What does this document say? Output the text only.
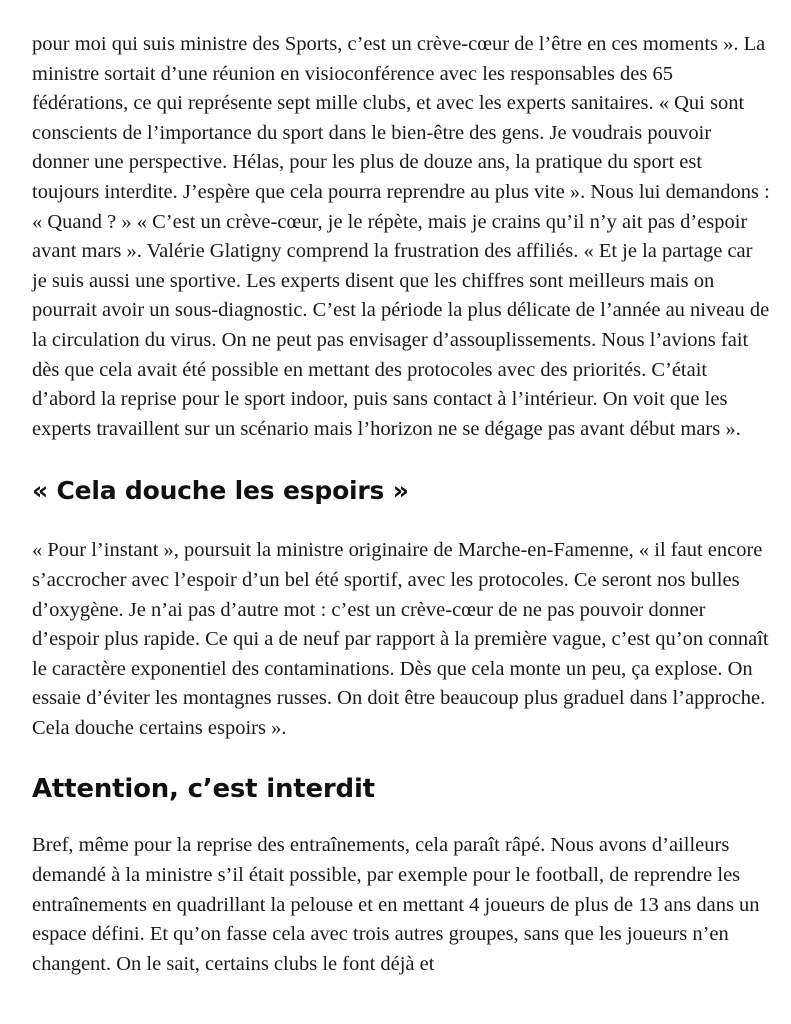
pour moi qui suis ministre des Sports, c’est un crève-cœur de l’être en ces moments ». La ministre sortait d’une réunion en visioconférence avec les responsables des 65 fédérations, ce qui représente sept mille clubs, et avec les experts sanitaires. « Qui sont conscients de l’importance du sport dans le bien-être des gens. Je voudrais pouvoir donner une perspective. Hélas, pour les plus de douze ans, la pratique du sport est toujours interdite. J’espère que cela pourra reprendre au plus vite ». Nous lui demandons : « Quand ? » « C’est un crève-cœur, je le répète, mais je crains qu’il n’y ait pas d’espoir avant mars ». Valérie Glatigny comprend la frustration des affiliés. « Et je la partage car je suis aussi une sportive. Les experts disent que les chiffres sont meilleurs mais on pourrait avoir un sous-diagnostic. C’est la période la plus délicate de l’année au niveau de la circulation du virus. On ne peut pas envisager d’assouplissements. Nous l’avions fait dès que cela avait été possible en mettant des protocoles avec des priorités. C’était d’abord la reprise pour le sport indoor, puis sans contact à l’intérieur. On voit que les experts travaillent sur un scénario mais l’horizon ne se dégage pas avant début mars ».

« Cela douche les espoirs »

« Pour l’instant », poursuit la ministre originaire de Marche-en-Famenne, « il faut encore s’accrocher avec l’espoir d’un bel été sportif, avec les protocoles. Ce seront nos bulles d’oxygène. Je n’ai pas d’autre mot : c’est un crève-cœur de ne pas pouvoir donner d’espoir plus rapide. Ce qui a de neuf par rapport à la première vague, c’est qu’on connaît le caractère exponentiel des contaminations. Dès que cela monte un peu, ça explose. On essaie d’éviter les montagnes russes. On doit être beaucoup plus graduel dans l’approche. Cela douche certains espoirs ».

Attention, c’est interdit

Bref, même pour la reprise des entraînements, cela paraît râpé. Nous avons d’ailleurs demandé à la ministre s’il était possible, par exemple pour le football, de reprendre les entraînements en quadrillant la pelouse et en mettant 4 joueurs de plus de 13 ans dans un espace défini. Et qu’on fasse cela avec trois autres groupes, sans que les joueurs n’en changent. On le sait, certains clubs le font déjà et
